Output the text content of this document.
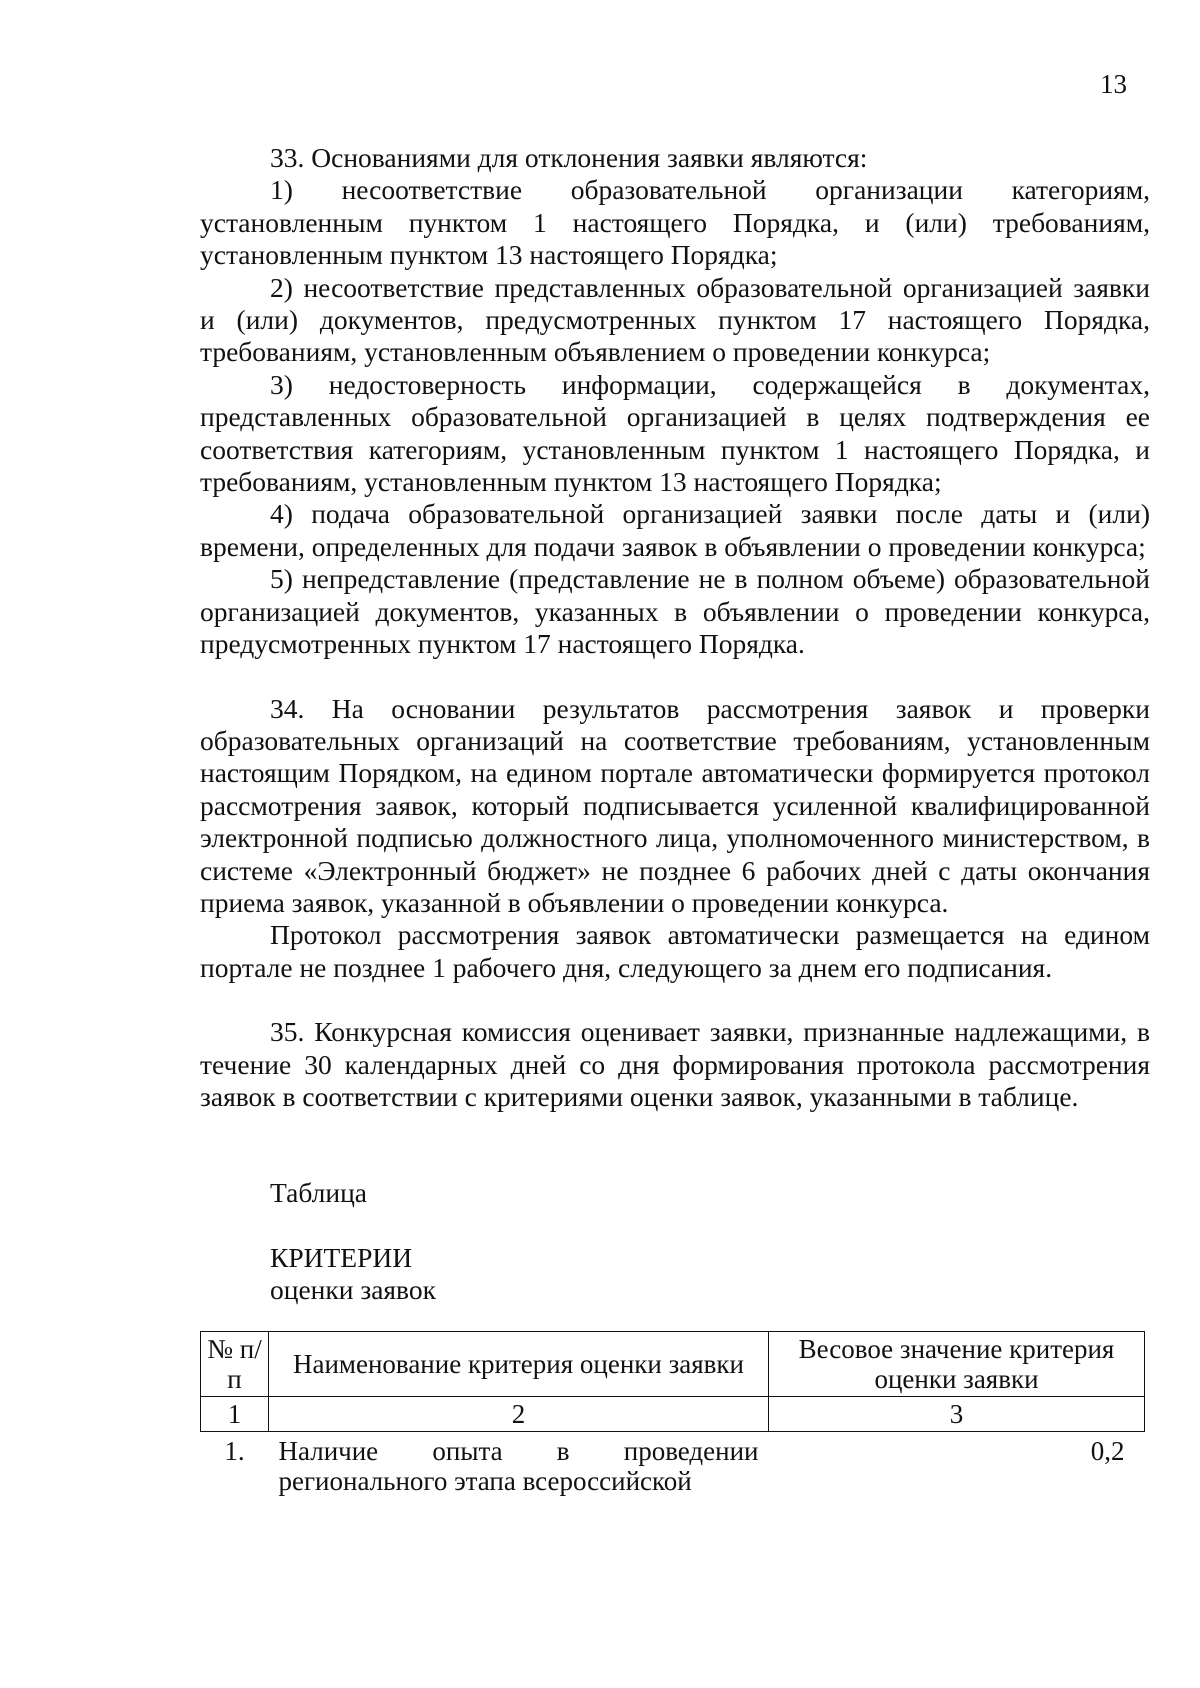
13

33. Основаниями для отклонения заявки являются:

1) несоответствие образовательной организации категориям, установленным пунктом 1 настоящего Порядка, и (или) требованиям, установленным пунктом 13 настоящего Порядка;

2) несоответствие представленных образовательной организацией заявки и (или) документов, предусмотренных пунктом 17 настоящего Порядка, требованиям, установленным объявлением о проведении конкурса;

3) недостоверность информации, содержащейся в документах, представленных образовательной организацией в целях подтверждения ее соответствия категориям, установленным пунктом 1 настоящего Порядка, и требованиям, установленным пунктом 13 настоящего Порядка;

4) подача образовательной организацией заявки после даты и (или) времени, определенных для подачи заявок в объявлении о проведении конкурса;

5) непредставление (представление не в полном объеме) образовательной организацией документов, указанных в объявлении о проведении конкурса, предусмотренных пунктом 17 настоящего Порядка.

34. На основании результатов рассмотрения заявок и проверки образовательных организаций на соответствие требованиям, установленным настоящим Порядком, на едином портале автоматически формируется протокол рассмотрения заявок, который подписывается усиленной квалифицированной электронной подписью должностного лица, уполномоченного министерством, в системе «Электронный бюджет» не позднее 6 рабочих дней с даты окончания приема заявок, указанной в объявлении о проведении конкурса.

Протокол рассмотрения заявок автоматически размещается на едином портале не позднее 1 рабочего дня, следующего за днем его подписания.

35. Конкурсная комиссия оценивает заявки, признанные надлежащими, в течение 30 календарных дней со дня формирования протокола рассмотрения заявок в соответствии с критериями оценки заявок, указанными в таблице.

Таблица

КРИТЕРИИ

оценки заявок

№ п/п	Наименование критерия оценки заявки	Весовое значение критерия оценки заявки
1	2	3
1.	Наличие опыта в проведении регионального этапа всероссийской	0,2
